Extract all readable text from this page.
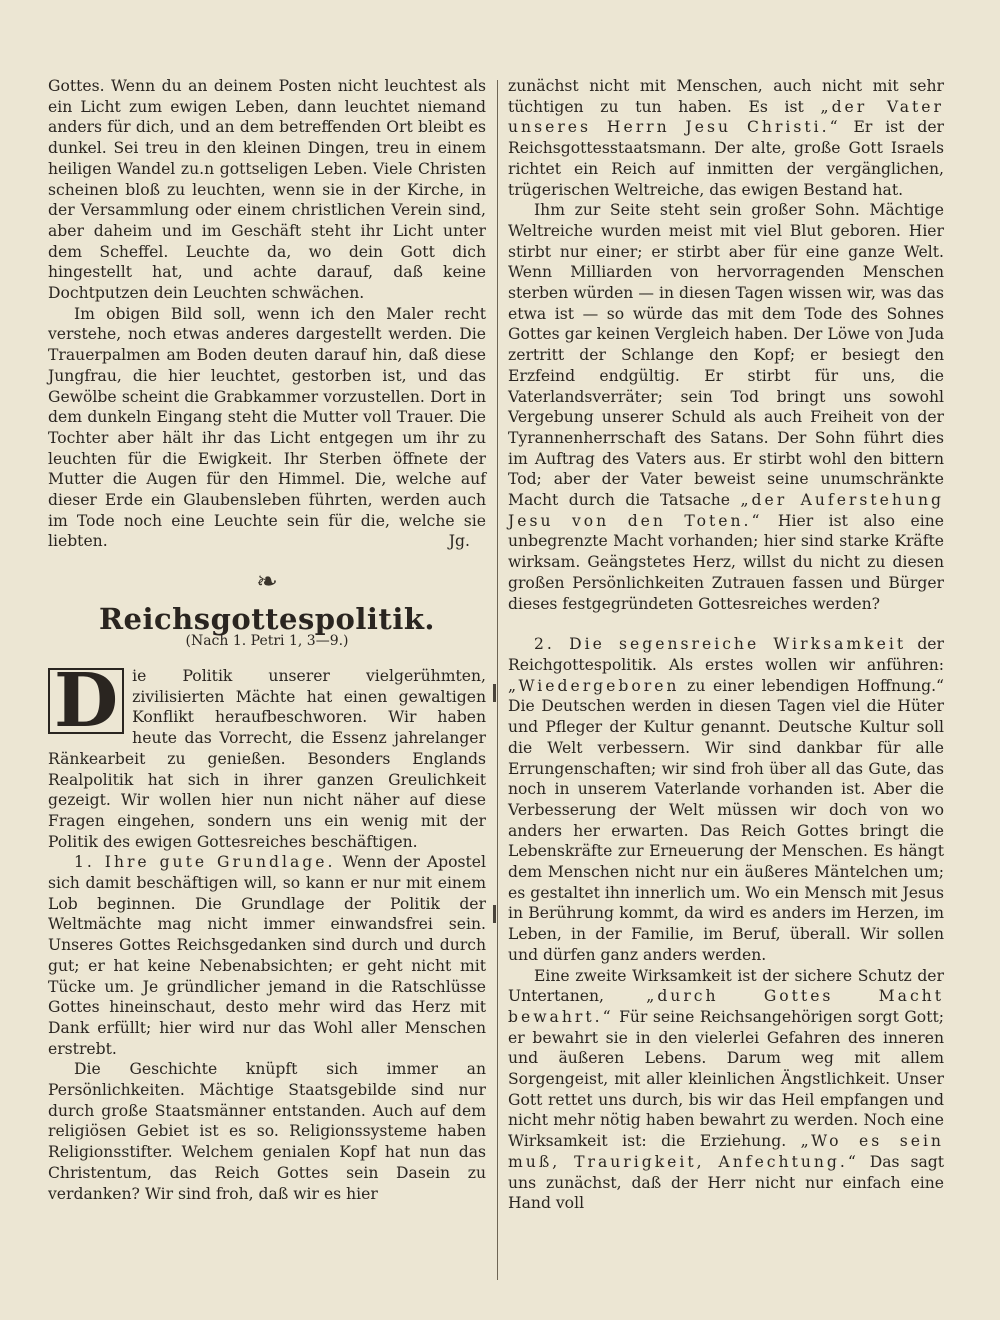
Gottes. Wenn du an deinem Posten nicht leuchtest als ein Licht zum ewigen Leben, dann leuchtet niemand anders für dich, und an dem betreffenden Ort bleibt es dunkel. Sei treu in den kleinen Dingen, treu in einem heiligen Wandel zu.n gottseligen Leben. Viele Christen scheinen bloß zu leuchten, wenn sie in der Kirche, in der Versammlung oder einem christlichen Verein sind, aber daheim und im Geschäft steht ihr Licht unter dem Scheffel. Leuchte da, wo dein Gott dich hingestellt hat, und achte darauf, daß keine Dochtputzen dein Leuchten schwächen.

Im obigen Bild soll, wenn ich den Maler recht verstehe, noch etwas anderes dargestellt werden. Die Trauerpalmen am Boden deuten darauf hin, daß diese Jungfrau, die hier leuchtet, gestorben ist, und das Gewölbe scheint die Grabkammer vorzustellen. Dort in dem dunkeln Eingang steht die Mutter voll Trauer. Die Tochter aber hält ihr das Licht entgegen um ihr zu leuchten für die Ewigkeit. Ihr Sterben öffnete der Mutter die Augen für den Himmel. Die, welche auf dieser Erde ein Glaubensleben führten, werden auch im Tode noch eine Leuchte sein für die, welche sie liebten.	Jg.

❧
Reichsgottespolitik.
(Nach 1. Petri 1, 3—9.)

D ie Politik unserer vielgerühmten, zivilisierten Mächte hat einen gewaltigen Konflikt heraufbeschworen. Wir haben heute das Vorrecht, die Essenz jahrelanger Ränkearbeit zu genießen. Besonders Englands Realpolitik hat sich in ihrer ganzen Greulichkeit gezeigt. Wir wollen hier nun nicht näher auf diese Fragen eingehen, sondern uns ein wenig mit der Politik des ewigen Gottesreiches beschäftigen.

1. Ihre gute Grundlage. Wenn der Apostel sich damit beschäftigen will, so kann er nur mit einem Lob beginnen. Die Grundlage der Politik der Weltmächte mag nicht immer einwandsfrei sein. Unseres Gottes Reichsgedanken sind durch und durch gut; er hat keine Nebenabsichten; er geht nicht mit Tücke um. Je gründlicher jemand in die Ratschlüsse Gottes hineinschaut, desto mehr wird das Herz mit Dank erfüllt; hier wird nur das Wohl aller Menschen erstrebt.

Die Geschichte knüpft sich immer an Persönlichkeiten. Mächtige Staatsgebilde sind nur durch große Staatsmänner entstanden. Auch auf dem religiösen Gebiet ist es so. Religionssysteme haben Religionsstifter. Welchem genialen Kopf hat nun das Christentum, das Reich Gottes sein Dasein zu verdanken? Wir sind froh, daß wir es hier

zunächst nicht mit Menschen, auch nicht mit sehr tüchtigen zu tun haben. Es ist „der Vater unseres Herrn Jesu Christi.“ Er ist der Reichsgottesstaatsmann. Der alte, große Gott Israels richtet ein Reich auf inmitten der vergänglichen, trügerischen Weltreiche, das ewigen Bestand hat.

Ihm zur Seite steht sein großer Sohn. Mächtige Weltreiche wurden meist mit viel Blut geboren. Hier stirbt nur einer; er stirbt aber für eine ganze Welt. Wenn Milliarden von hervorragenden Menschen sterben würden — in diesen Tagen wissen wir, was das etwa ist — so würde das mit dem Tode des Sohnes Gottes gar keinen Vergleich haben. Der Löwe von Juda zertritt der Schlange den Kopf; er besiegt den Erzfeind endgültig. Er stirbt für uns, die Vaterlandsverräter; sein Tod bringt uns sowohl Vergebung unserer Schuld als auch Freiheit von der Tyrannenherrschaft des Satans. Der Sohn führt dies im Auftrag des Vaters aus. Er stirbt wohl den bittern Tod; aber der Vater beweist seine unumschränkte Macht durch die Tatsache „der Auferstehung Jesu von den Toten.“ Hier ist also eine unbegrenzte Macht vorhanden; hier sind starke Kräfte wirksam. Geängstetes Herz, willst du nicht zu diesen großen Persönlichkeiten Zutrauen fassen und Bürger dieses festgegründeten Gottesreiches werden?

2. Die segensreiche Wirksamkeit der Reichgottespolitik. Als erstes wollen wir anführen: „Wiedergeboren zu einer lebendigen Hoffnung.“ Die Deutschen werden in diesen Tagen viel die Hüter und Pfleger der Kultur genannt. Deutsche Kultur soll die Welt verbessern. Wir sind dankbar für alle Errungenschaften; wir sind froh über all das Gute, das noch in unserem Vaterlande vorhanden ist. Aber die Verbesserung der Welt müssen wir doch von wo anders her erwarten. Das Reich Gottes bringt die Lebenskräfte zur Erneuerung der Menschen. Es hängt dem Menschen nicht nur ein äußeres Mäntelchen um; es gestaltet ihn innerlich um. Wo ein Mensch mit Jesus in Berührung kommt, da wird es anders im Herzen, im Leben, in der Familie, im Beruf, überall. Wir sollen und dürfen ganz anders werden.

Eine zweite Wirksamkeit ist der sichere Schutz der Untertanen,	„durch Gottes Macht bewahrt.“ Für seine Reichsangehörigen sorgt Gott; er bewahrt sie in den vielerlei Gefahren des inneren und äußeren Lebens. Darum weg mit allem Sorgengeist, mit aller kleinlichen Ängstlichkeit. Unser Gott rettet uns durch, bis wir das Heil empfangen und nicht mehr nötig haben bewahrt zu werden. Noch eine Wirksamkeit ist: die Erziehung. „Wo es sein muß, Traurigkeit, Anfechtung.“ Das sagt uns zunächst, daß der Herr nicht nur einfach eine Hand voll
